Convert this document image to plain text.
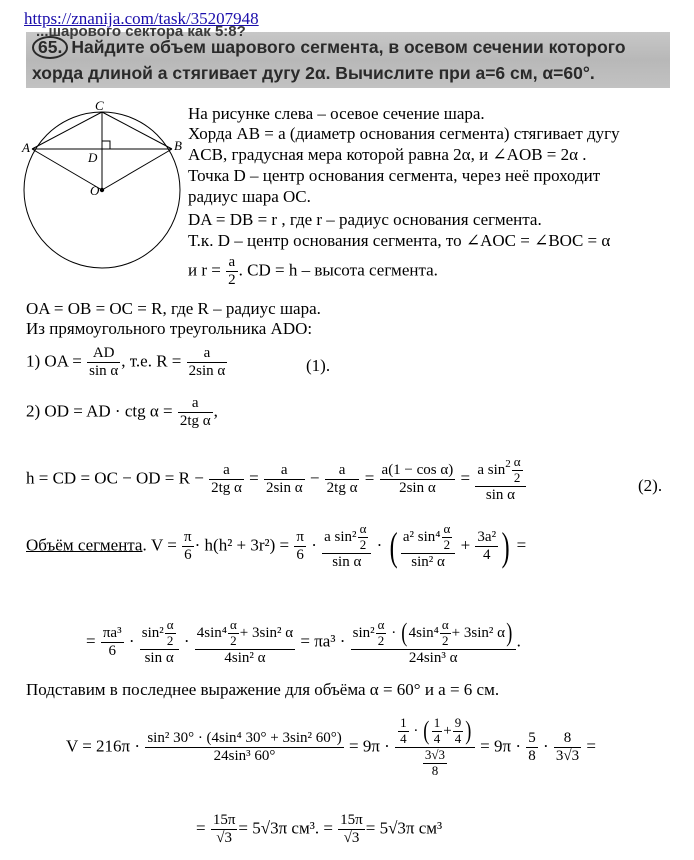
https://znanija.com/task/35207948
...шарового сектора как 5:8?
65. Найдите объем шарового сегмента, в осевом сечении которого
хорда длиной a стягивает дугу 2α. Вычислите при a=6 см, α=60°.
C
A	B
D
O
На рисунке слева – осевое сечение шара.
Хорда AB = a (диаметр основания сегмента) стягивает дугу
ACB, градусная мера которой равна 2α, и ∠AOB = 2α .
Точка D – центр основания сегмента, через неё проходит
радиус шара OC.
DA = DB = r , где r – радиус основания сегмента.
Т.к. D – центр основания сегмента, то ∠AOC = ∠BOC = α
и $r = \frac{a}{2}$ . CD = h – высота сегмента.
OA = OB = OC = R, где R – радиус шара.
Из прямоугольного треугольника ADO:
1) OA = $\frac{AD}{\text{sin α}}$ , т.е. $R = \frac{a}{\text{2sin α}}$	(1).
2) OD = AD · ctg $\alpha = \frac{a}{\text{2tg α}}$ ,
h = CD = OC − OD = $R - \frac{a}{\text{2tg α}} = \frac{a}{\text{2sin α}} - \frac{a}{\text{2tg α}} = \frac{\text{a(1 − cos α)}}{\text{2sin α}} = \frac{a \sin^2 \frac{\alpha}{2}}{\text{sin α}}$	(2).
Объём сегмента. $V = \frac{\pi}{6} \cdot h(h^2 + 3r^2) = \frac{\pi}{6} \cdot \frac{a \sin^2 \frac{\alpha}{2}}{\text{sin α}}$ · ( $\frac{a^2 \sin^4 \frac{\alpha}{2}}{\text{sin² α}} + \frac{\text{3a²}}{4}$ ) =
= $\frac{\text{πa³}}{6} \cdot \frac{\sin^2 \frac{\alpha}{2}}{\text{sin α}} \cdot \frac{4\sin^4 \frac{\alpha}{2} + 3\sin^2 \alpha}{\text{4sin² α}} = \pi a^3 \cdot \frac{\sin^2 \frac{\alpha}{2} \cdot (4\sin^4 \frac{\alpha}{2} + 3\sin^2 \alpha)}{\text{24sin³ α}}$ .
Подставим в последнее выражение для объёма α = 60° и a = 6 см.
$V = 216\pi \cdot \frac{\text{sin² 30° · (4sin⁴ 30° + 3sin² 60°)}}{\text{24sin³ 60°}} = 9\pi \cdot \frac{\frac{1}{4} \cdot ( \frac{1}{4} + \frac{9}{4} )}{\frac{3√3}{8}} = 9\pi \cdot \frac{5}{8} \cdot \frac{8}{3√3}$ =
= $\frac{15\pi}{√3} = 5√3\pi$ см³. = $\frac{15\pi}{√3} = 5√3\pi$ см³
